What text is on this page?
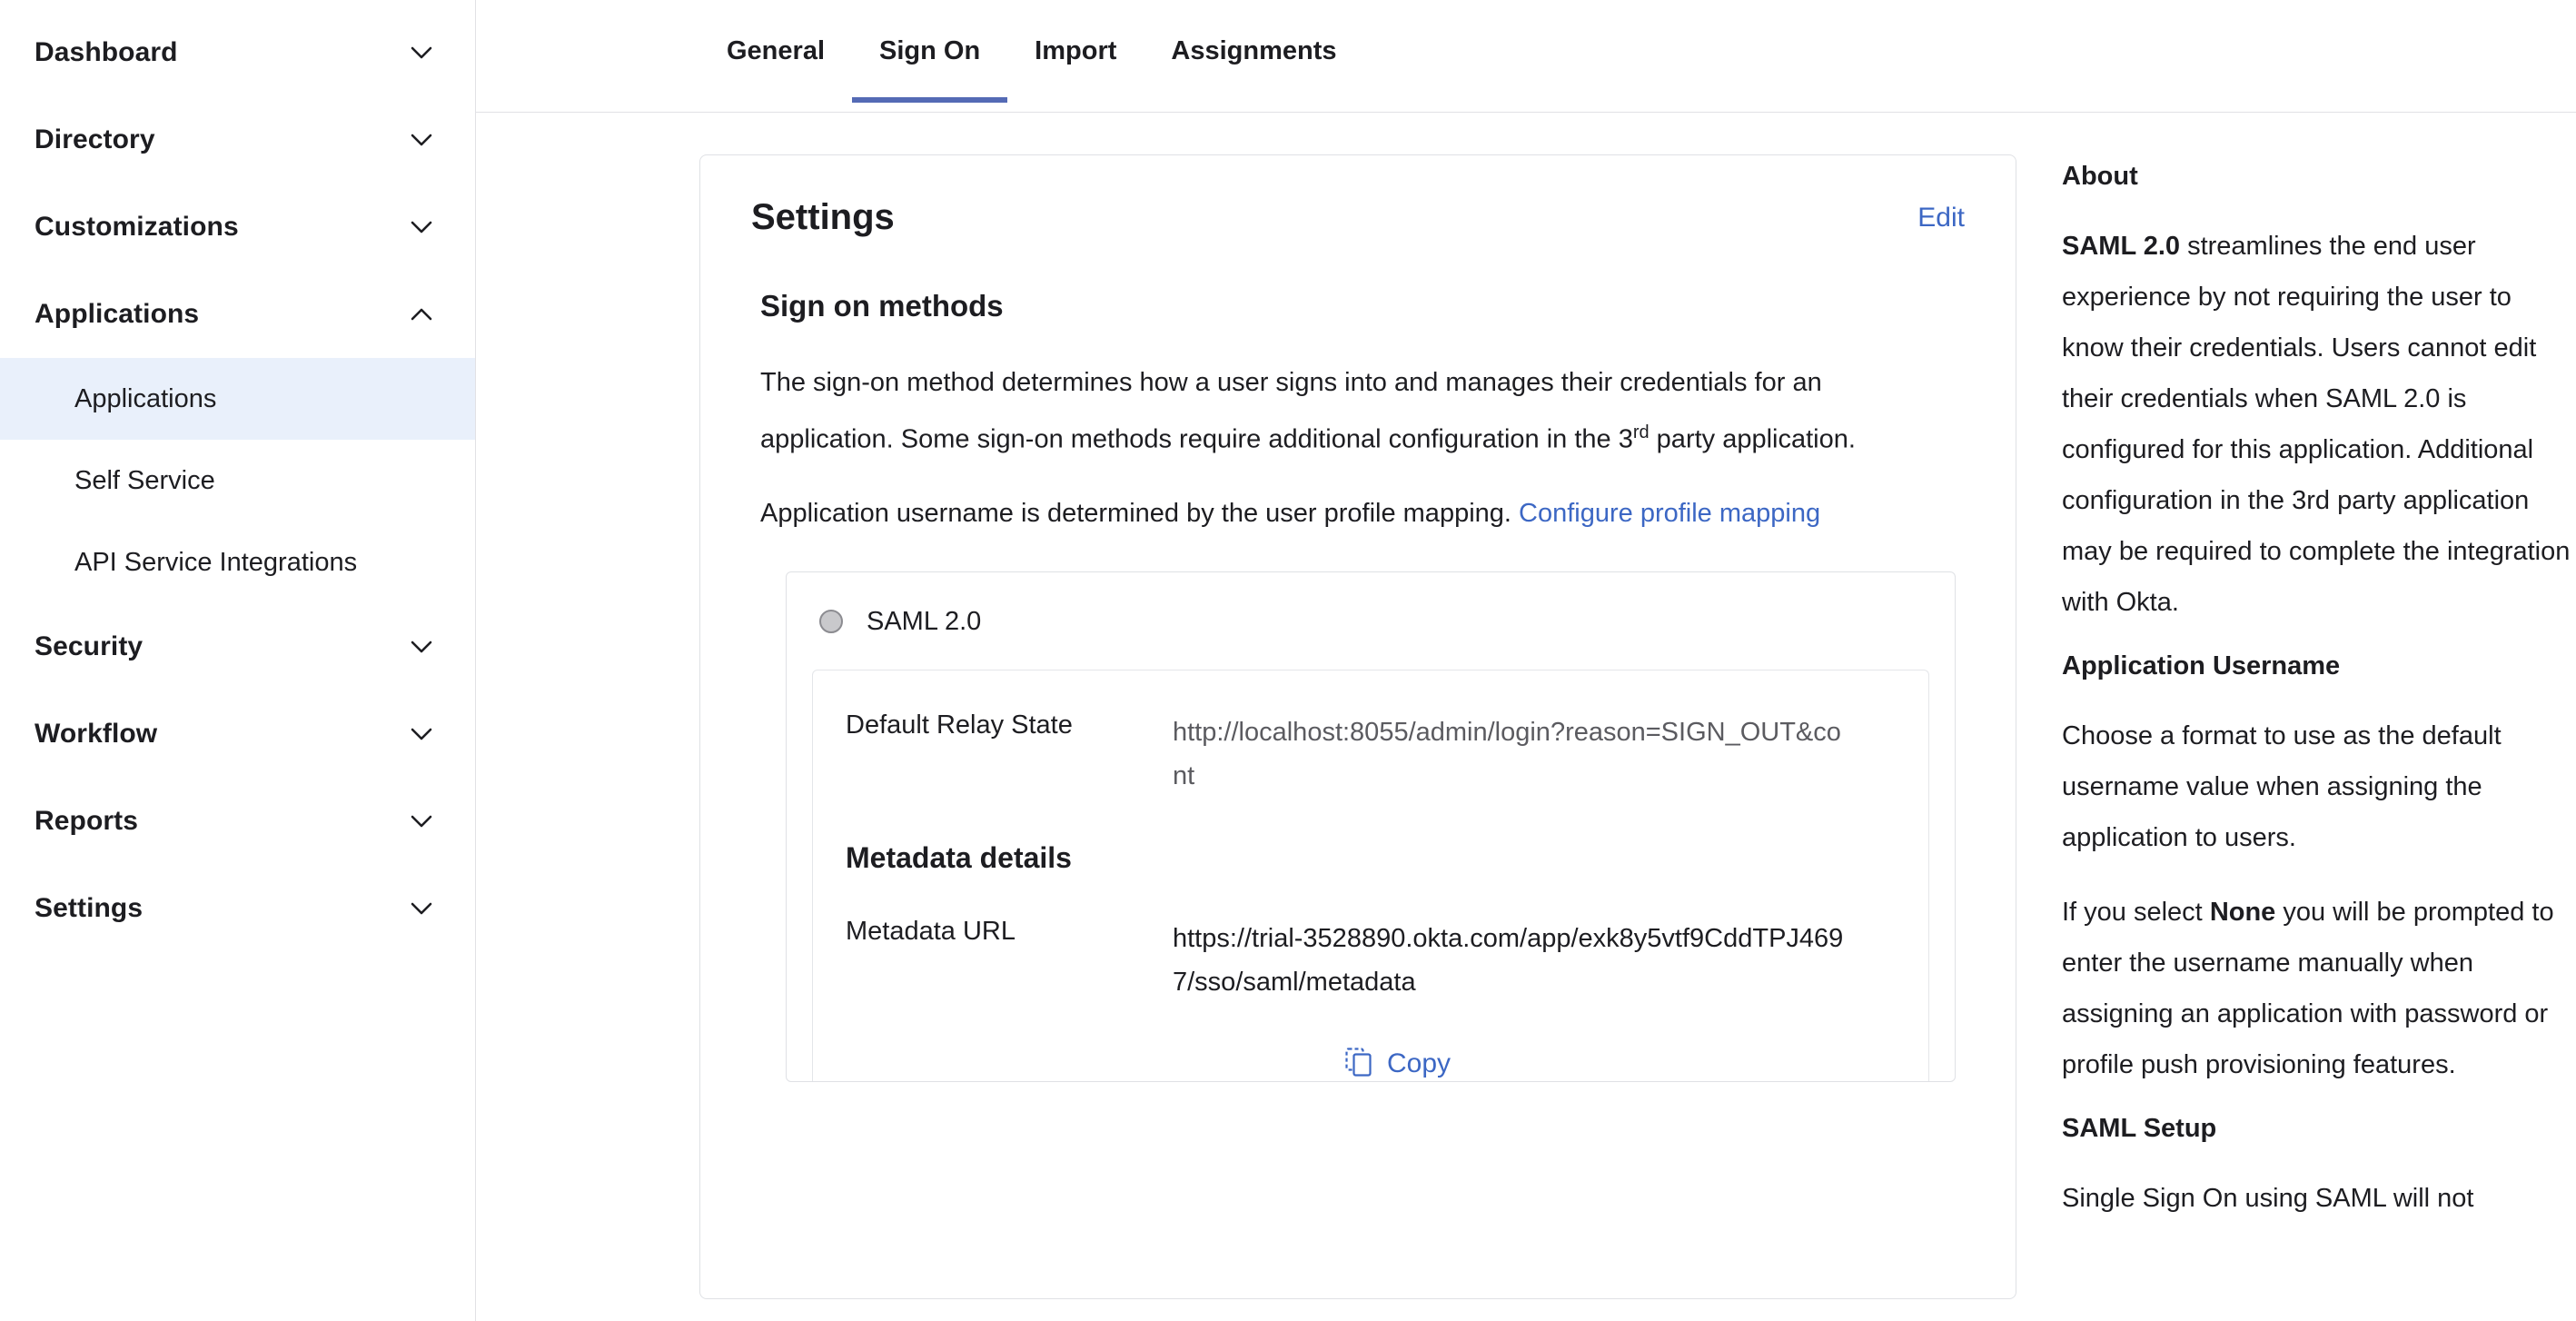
Dashboard
Directory
Customizations
Applications
Applications
Self Service
API Service Integrations
Security
Workflow
Reports
Settings
General	Sign On	Import	Assignments
Settings	Edit
Sign on methods

The sign-on method determines how a user signs into and manages their credentials for an application. Some sign-on methods require additional configuration in the 3rd party application.

Application username is determined by the user profile mapping. Configure profile mapping

SAML 2.0
Default Relay State	http://localhost:8055/admin/login?reason=SIGN_OUT&cont
Metadata details
Metadata URL	https://trial-3528890.okta.com/app/exk8y5vtf9CddTPJ4697/sso/saml/metadata
Copy
About

SAML 2.0 streamlines the end user experience by not requiring the user to know their credentials. Users cannot edit their credentials when SAML 2.0 is configured for this application. Additional configuration in the 3rd party application may be required to complete the integration with Okta.

Application Username

Choose a format to use as the default username value when assigning the application to users.

If you select None you will be prompted to enter the username manually when assigning an application with password or profile push provisioning features.

SAML Setup

Single Sign On using SAML will not
